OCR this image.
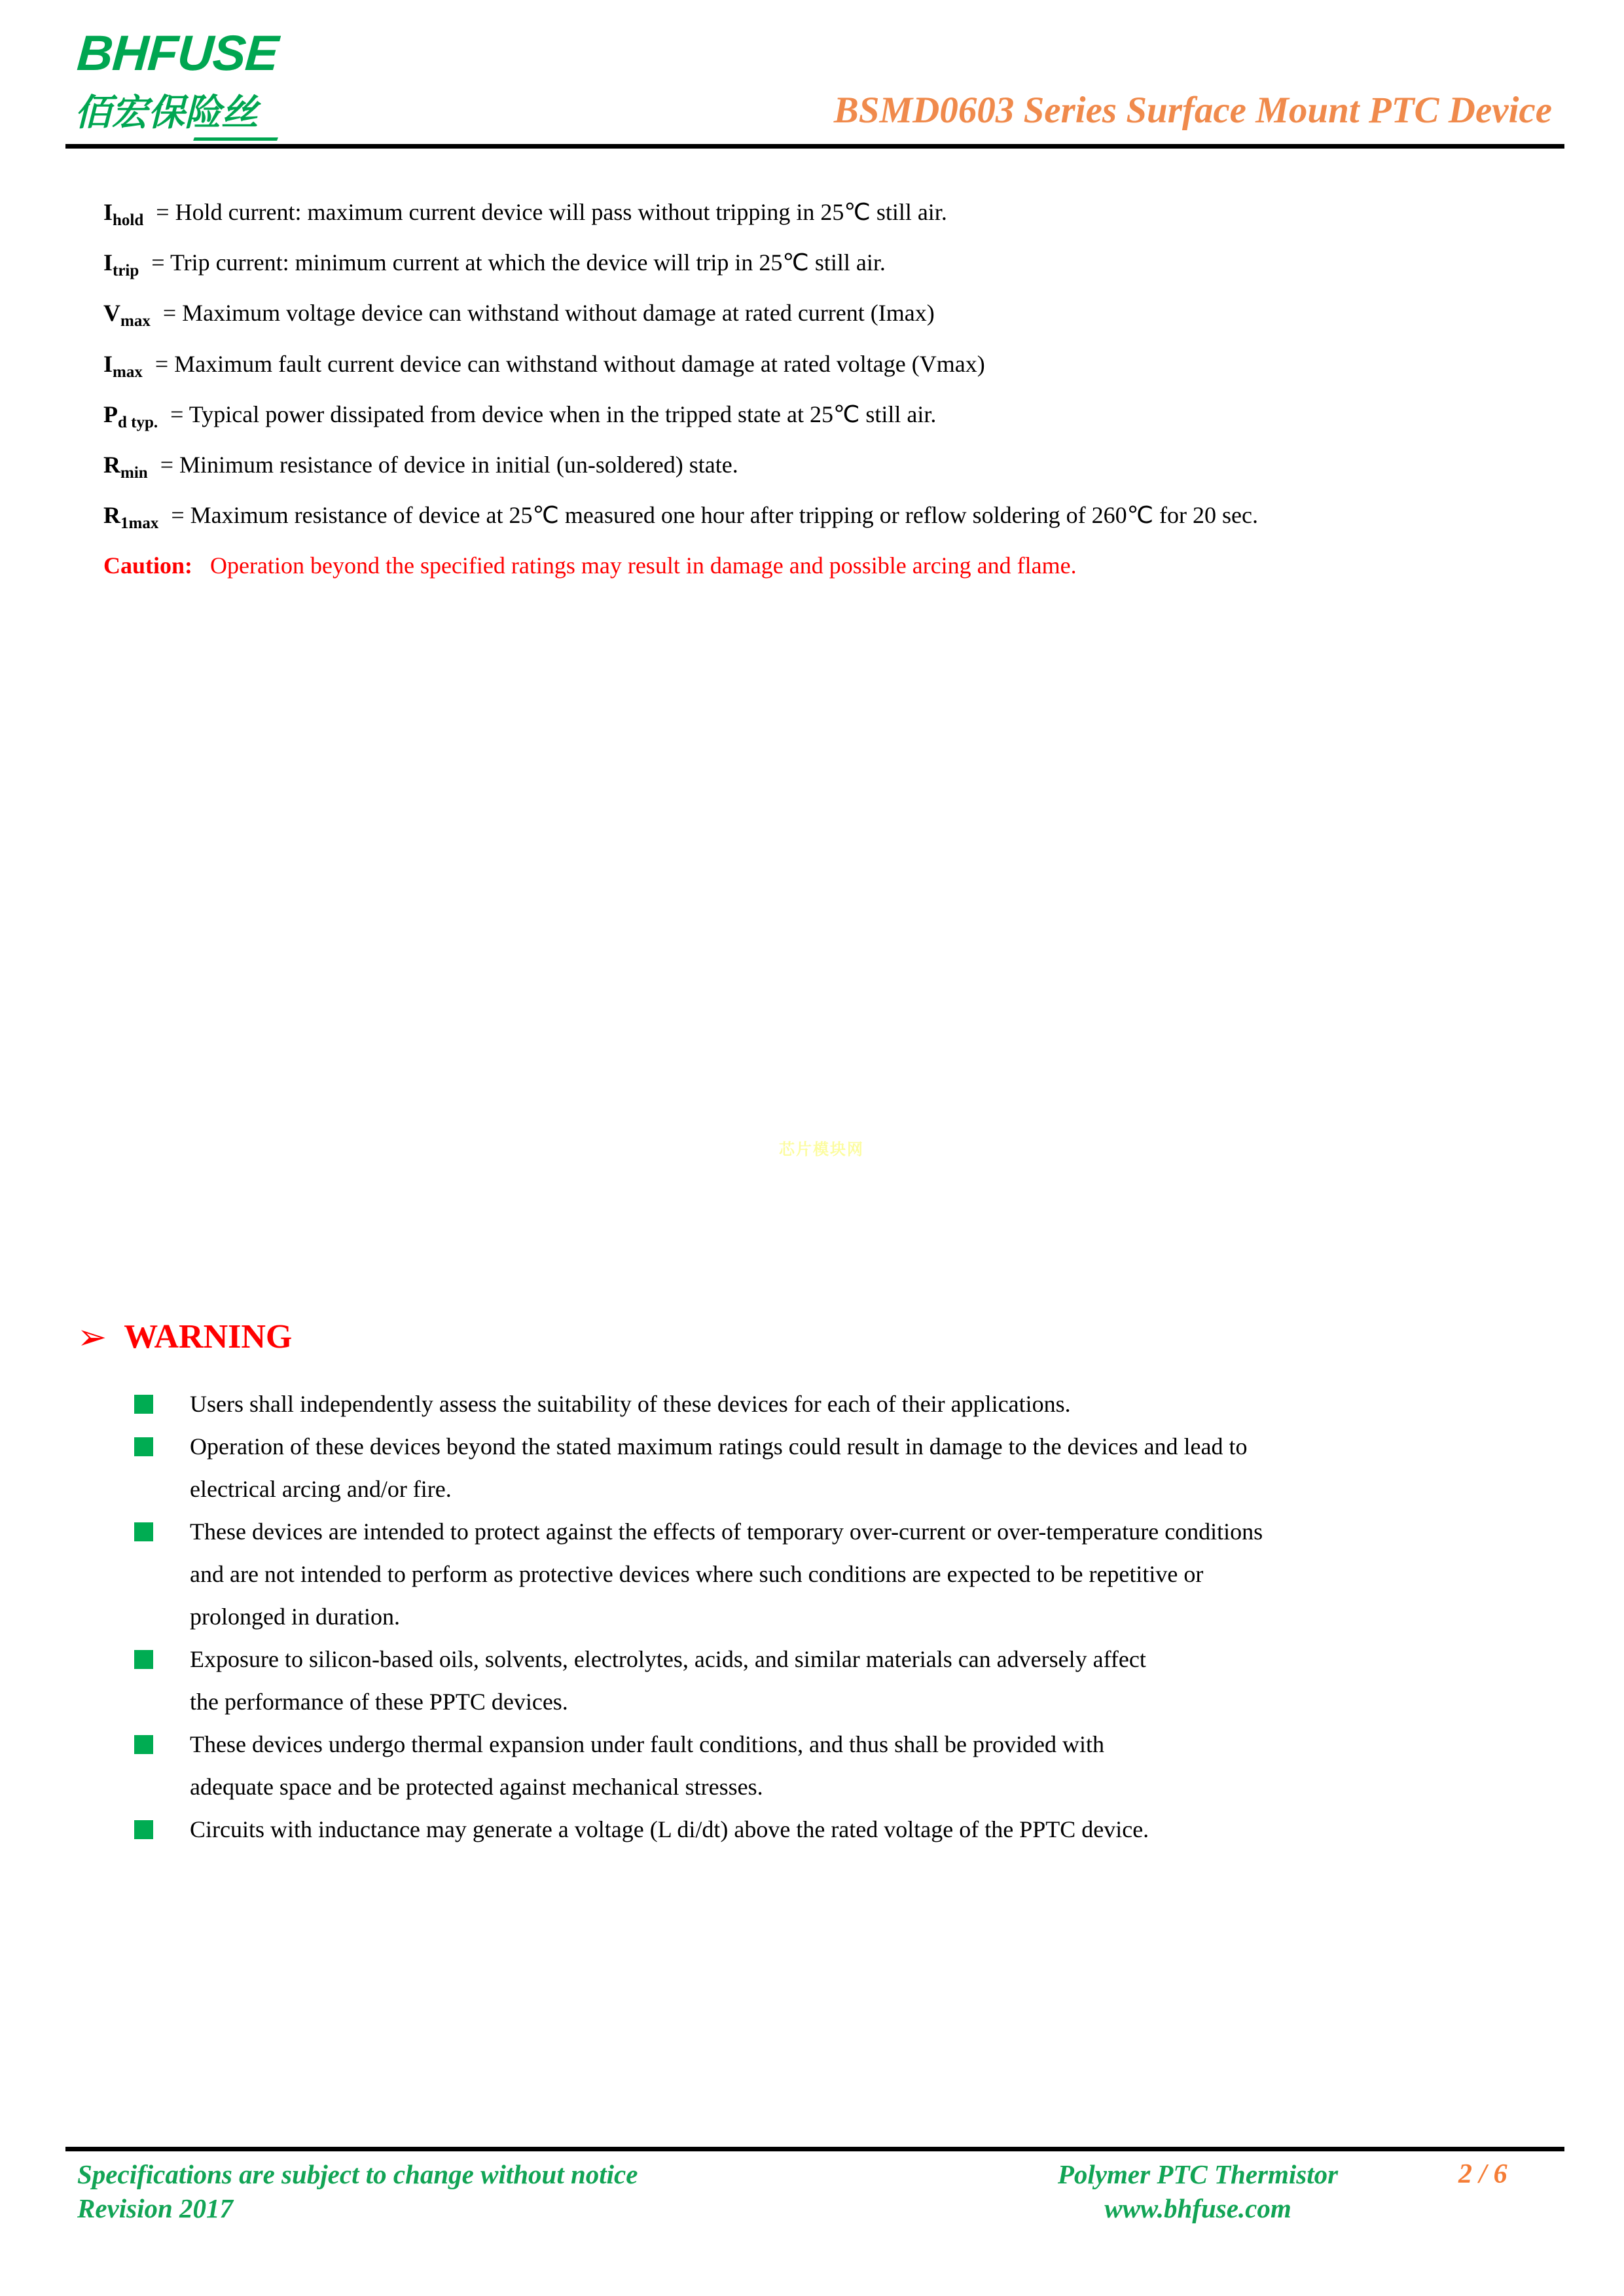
BHFUSE
佰宏保险丝	BSMD0603 Series Surface Mount PTC Device
$I_{hold}$ = Hold current: maximum current device will pass without tripping in 25℃ still air.
$I_{trip}$ = Trip current: minimum current at which the device will trip in 25℃ still air.
$V_{max}$ = Maximum voltage device can withstand without damage at rated current (Imax)
$I_{max}$ = Maximum fault current device can withstand without damage at rated voltage (Vmax)
$P_{d typ.}$ = Typical power dissipated from device when in the tripped state at 25℃ still air.
$R_{min}$ = Minimum resistance of device in initial (un-soldered) state.
$R_{1max}$ = Maximum resistance of device at 25℃ measured one hour after tripping or reflow soldering of 260℃ for 20 sec.
Caution: Operation beyond the specified ratings may result in damage and possible arcing and flame.
芯片模块网
➢ WARNING
Users shall independently assess the suitability of these devices for each of their applications.
Operation of these devices beyond the stated maximum ratings could result in damage to the devices and lead to
electrical arcing and/or fire.
These devices are intended to protect against the effects of temporary over-current or over-temperature conditions
and are not intended to perform as protective devices where such conditions are expected to be repetitive or
prolonged in duration.
Exposure to silicon-based oils, solvents, electrolytes, acids, and similar materials can adversely affect
the performance of these PPTC devices.
These devices undergo thermal expansion under fault conditions, and thus shall be provided with
adequate space and be protected against mechanical stresses.
Circuits with inductance may generate a voltage (L di/dt) above the rated voltage of the PPTC device.
Specifications are subject to change without notice
Revision 2017
Polymer PTC Thermistor
www.bhfuse.com
2 / 6
